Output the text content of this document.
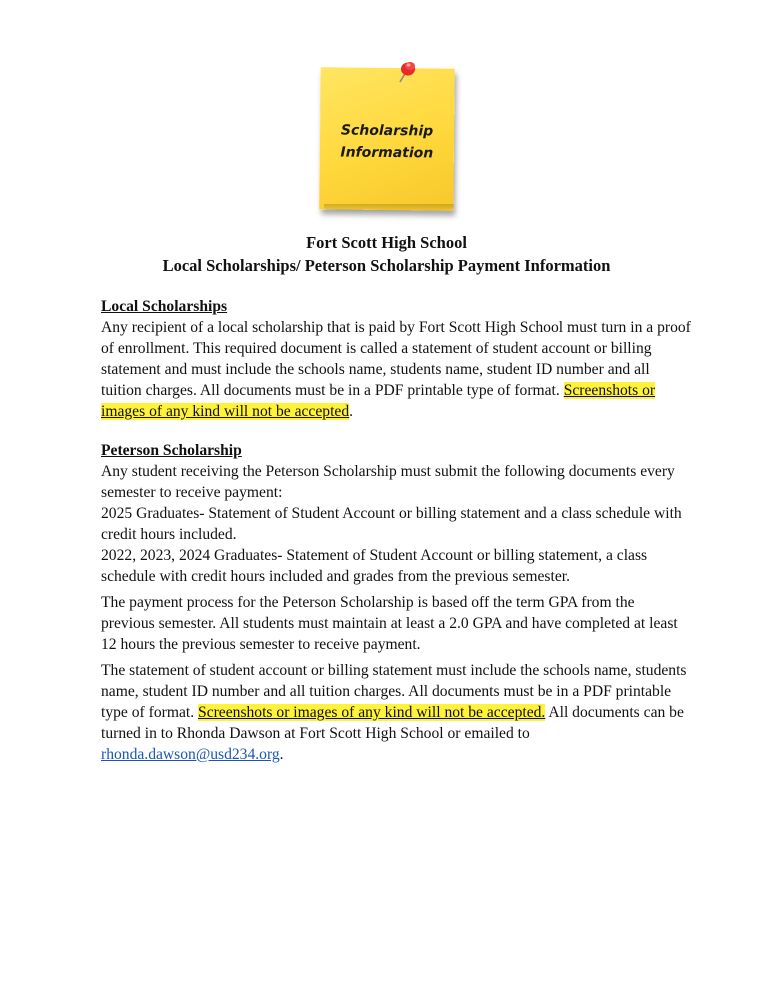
Scholarship
Information

Fort Scott High School

Local Scholarships/ Peterson Scholarship Payment Information

Local Scholarships
Any recipient of a local scholarship that is paid by Fort Scott High School must turn in a proof of enrollment. This required document is called a statement of student account or billing statement and must include the schools name, students name, student ID number and all tuition charges. All documents must be in a PDF printable type of format. Screenshots or images of any kind will not be accepted.
Peterson Scholarship
Any student receiving the Peterson Scholarship must submit the following documents every semester to receive payment:
2025 Graduates- Statement of Student Account or billing statement and a class schedule with credit hours included.
2022, 2023, 2024 Graduates- Statement of Student Account or billing statement, a class schedule with credit hours included and grades from the previous semester.

The payment process for the Peterson Scholarship is based off the term GPA from the previous semester. All students must maintain at least a 2.0 GPA and have completed at least 12 hours the previous semester to receive payment.

The statement of student account or billing statement must include the schools name, students name, student ID number and all tuition charges. All documents must be in a PDF printable type of format. Screenshots or images of any kind will not be accepted. All documents can be turned in to Rhonda Dawson at Fort Scott High School or emailed to rhonda.dawson@usd234.org.
